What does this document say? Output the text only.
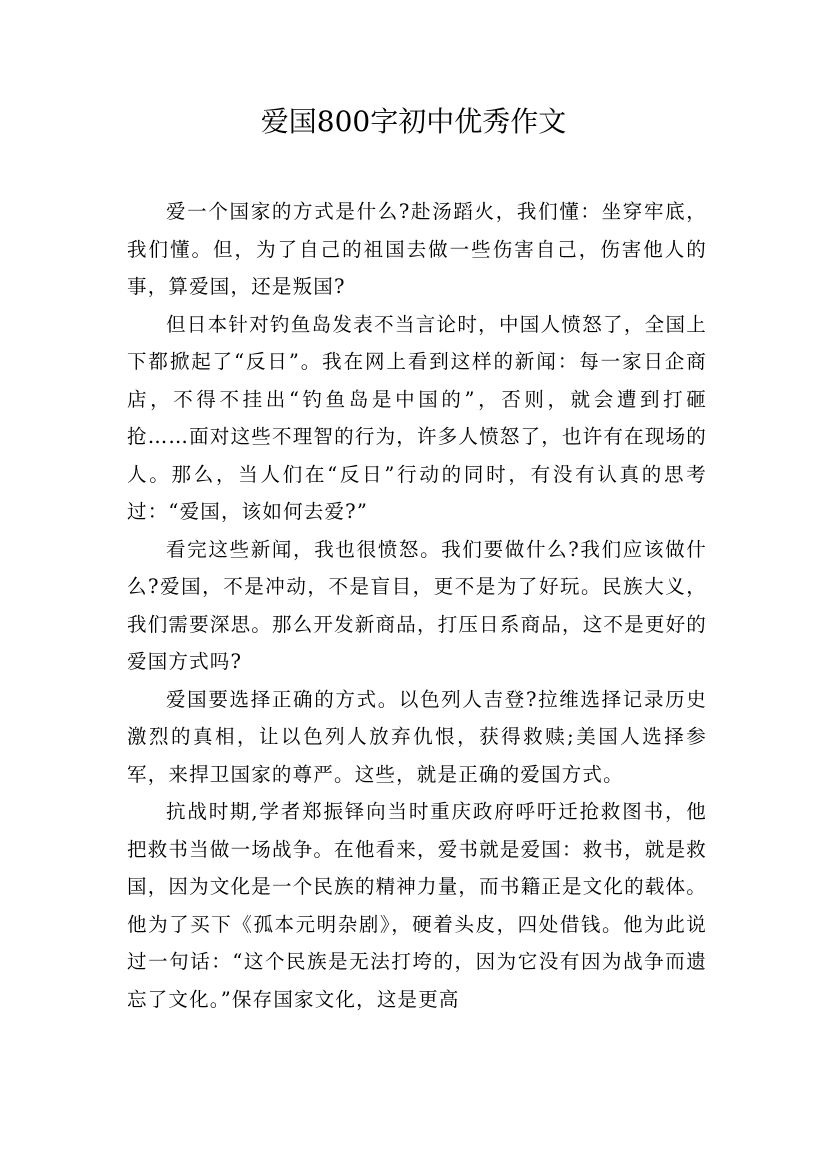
爱国800字初中优秀作文

爱一个国家的方式是什么?赴汤蹈火，我们懂：坐穿牢底，我们懂。但，为了自己的祖国去做一些伤害自己，伤害他人的事，算爱国，还是叛国?

但日本针对钓鱼岛发表不当言论时，中国人愤怒了，全国上下都掀起了“反日”。我在网上看到这样的新闻：每一家日企商店，不得不挂出“钓鱼岛是中国的”，否则，就会遭到打砸抢……面对这些不理智的行为，许多人愤怒了，也许有在现场的人。那么，当人们在“反日”行动的同时，有没有认真的思考过：“爱国，该如何去爱?”

看完这些新闻，我也很愤怒。我们要做什么?我们应该做什么?爱国，不是冲动，不是盲目，更不是为了好玩。民族大义，我们需要深思。那么开发新商品，打压日系商品，这不是更好的爱国方式吗?

爱国要选择正确的方式。以色列人吉登?拉维选择记录历史激烈的真相，让以色列人放弃仇恨，获得救赎;美国人选择参军，来捍卫国家的尊严。这些，就是正确的爱国方式。

抗战时期,学者郑振铎向当时重庆政府呼吁迁抢救图书，他把救书当做一场战争。在他看来，爱书就是爱国：救书，就是救国，因为文化是一个民族的精神力量，而书籍正是文化的载体。他为了买下《孤本元明杂剧》，硬着头皮，四处借钱。他为此说过一句话：“这个民族是无法打垮的，因为它没有因为战争而遗忘了文化。”保存国家文化，这是更高
